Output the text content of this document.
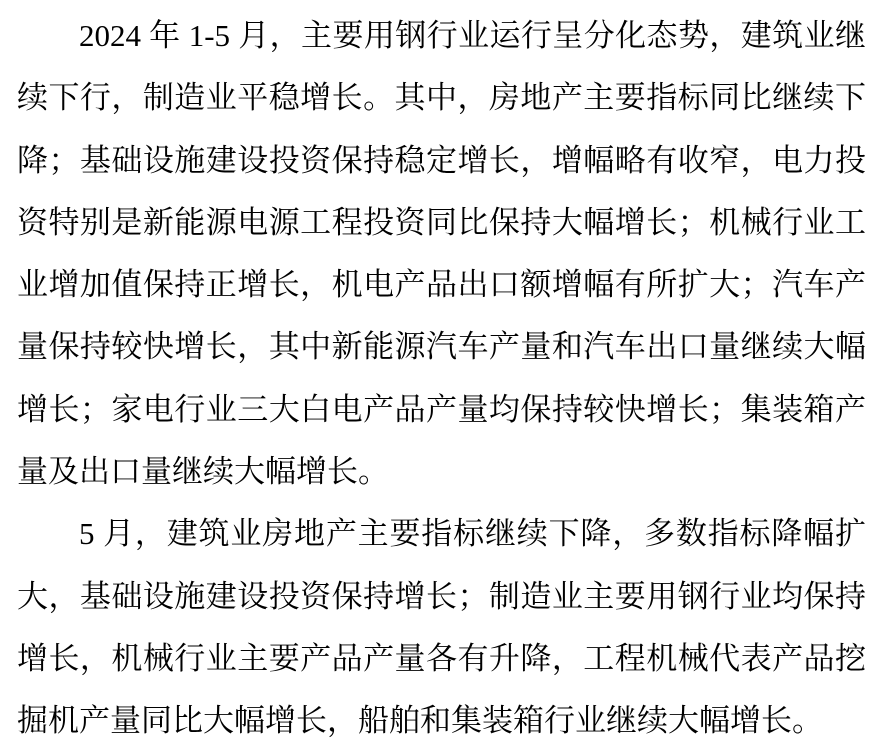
2024 年 1-5 月，主要用钢行业运行呈分化态势，建筑业继续下行，制造业平稳增长。其中，房地产主要指标同比继续下降；基础设施建设投资保持稳定增长，增幅略有收窄，电力投资特别是新能源电源工程投资同比保持大幅增长；机械行业工业增加值保持正增长，机电产品出口额增幅有所扩大；汽车产量保持较快增长，其中新能源汽车产量和汽车出口量继续大幅增长；家电行业三大白电产品产量均保持较快增长；集装箱产量及出口量继续大幅增长。

5 月，建筑业房地产主要指标继续下降，多数指标降幅扩大，基础设施建设投资保持增长；制造业主要用钢行业均保持增长，机械行业主要产品产量各有升降，工程机械代表产品挖掘机产量同比大幅增长，船舶和集装箱行业继续大幅增长。
